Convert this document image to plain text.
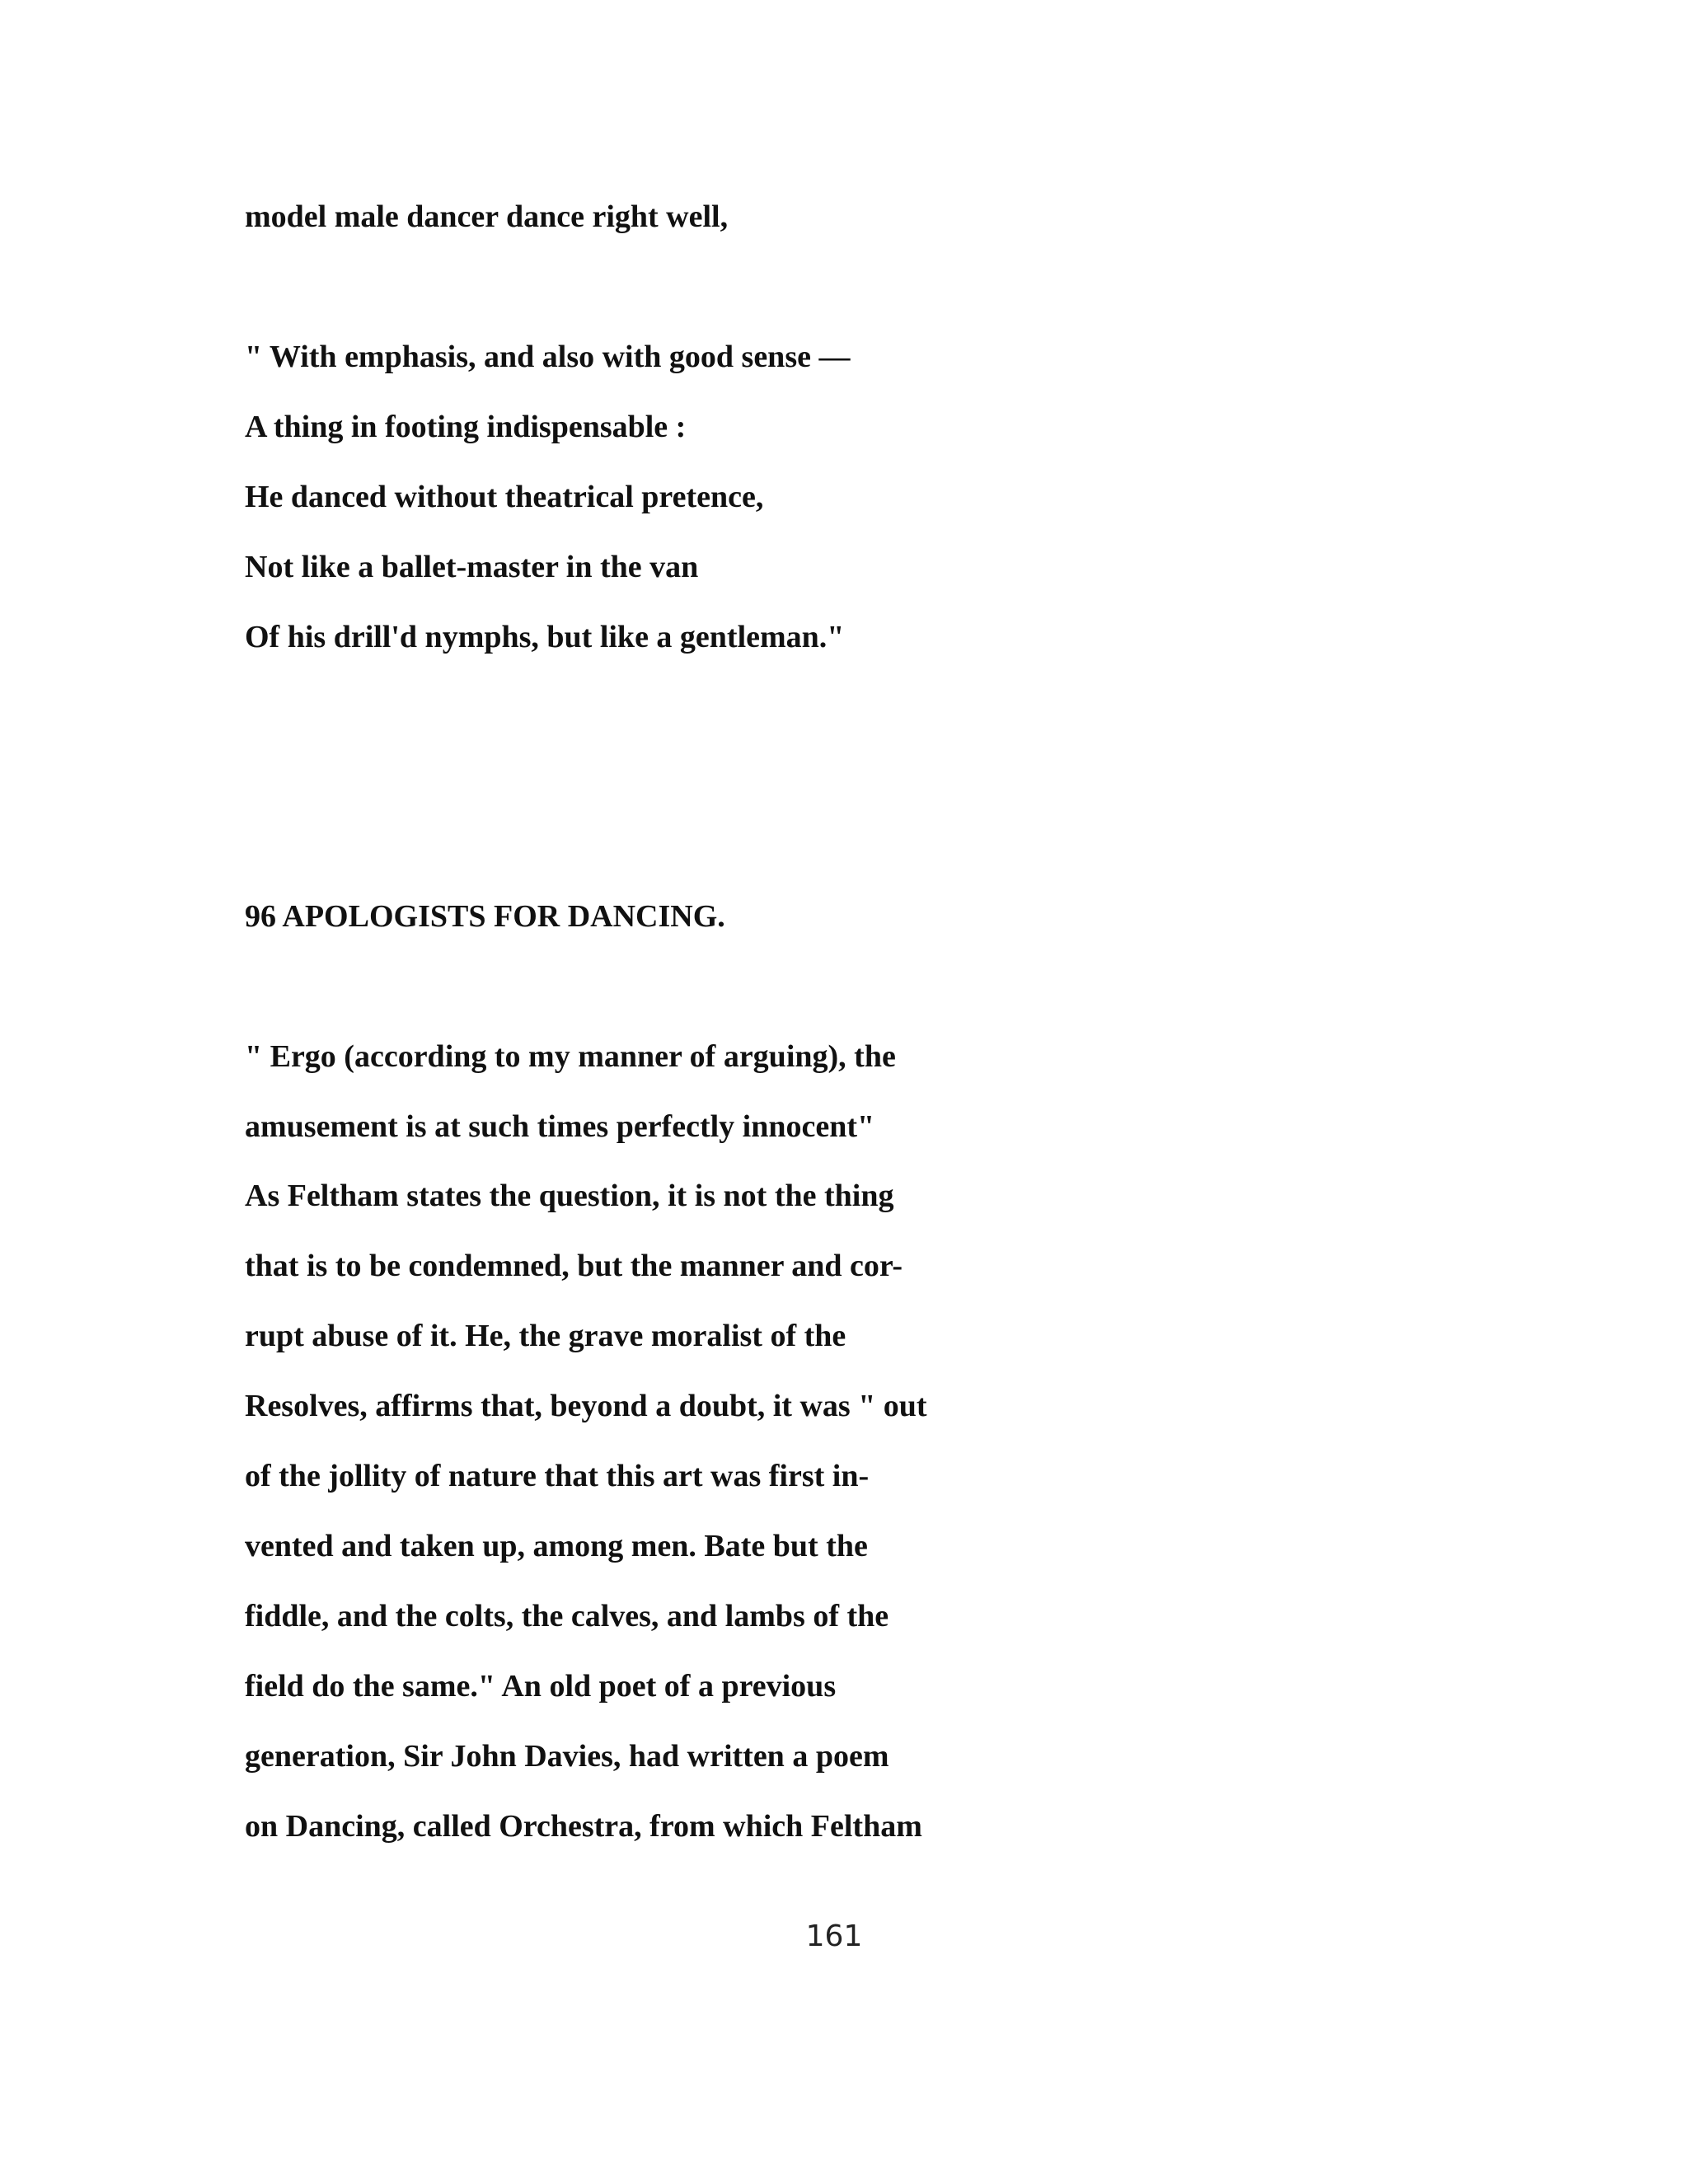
model male dancer dance right well,
" With emphasis, and also with good sense —
A thing in footing indispensable :
He danced without theatrical pretence,
Not like a ballet-master in the van
Of his drill'd nymphs, but like a gentleman."
96 APOLOGISTS FOR DANCING.
" Ergo (according to my manner of arguing), the
amusement is at such times perfectly innocent"
As Feltham states the question, it is not the thing
that is to be condemned, but the manner and cor-
rupt abuse of it. He, the grave moralist of the
Resolves, affirms that, beyond a doubt, it was " out
of the jollity of nature that this art was first in-
vented and taken up, among men. Bate but the
fiddle, and the colts, the calves, and lambs of the
field do the same." An old poet of a previous
generation, Sir John Davies, had written a poem
on Dancing, called Orchestra, from which Feltham
161
